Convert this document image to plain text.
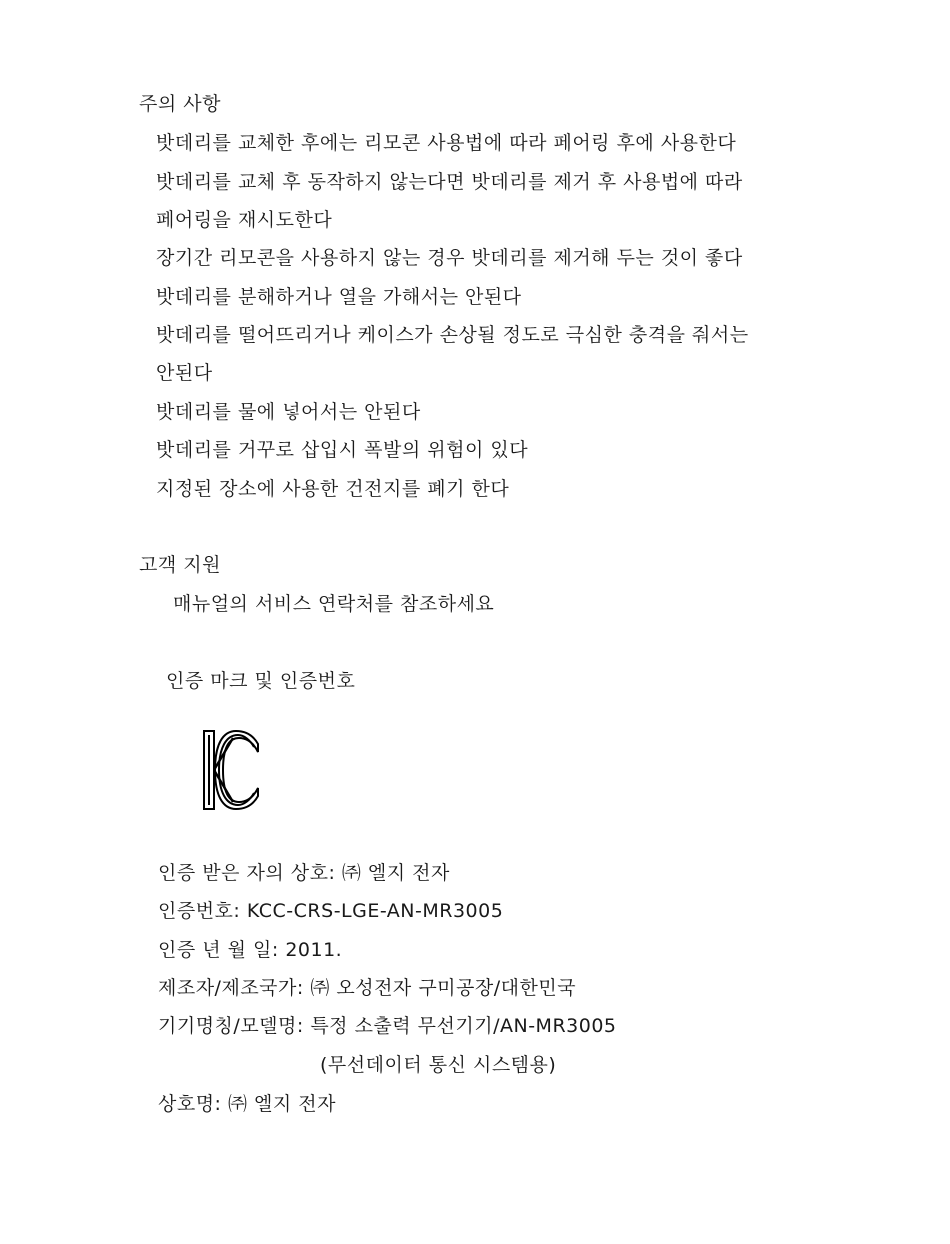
주의 사항
밧데리를 교체한 후에는 리모콘 사용법에 따라 페어링 후에 사용한다
밧데리를 교체 후 동작하지 않는다면 밧데리를 제거 후 사용법에 따라
페어링을 재시도한다
장기간 리모콘을 사용하지 않는 경우 밧데리를 제거해 두는 것이 좋다
밧데리를 분해하거나 열을 가해서는 안된다
밧데리를 떨어뜨리거나 케이스가 손상될 정도로 극심한 충격을 줘서는
안된다
밧데리를 물에 넣어서는 안된다
밧데리를 거꾸로 삽입시 폭발의 위험이 있다
지정된 장소에 사용한 건전지를 폐기 한다
고객 지원
매뉴얼의 서비스 연락처를 참조하세요
인증 마크 및 인증번호
인증 받은 자의 상호: ㈜ 엘지 전자
인증번호: KCC-CRS-LGE-AN-MR3005
인증 년 월 일: 2011.
제조자/제조국가: ㈜ 오성전자 구미공장/대한민국
기기명칭/모델명: 특정 소출력 무선기기/AN-MR3005
(무선데이터 통신 시스템용)
상호명: ㈜ 엘지 전자
